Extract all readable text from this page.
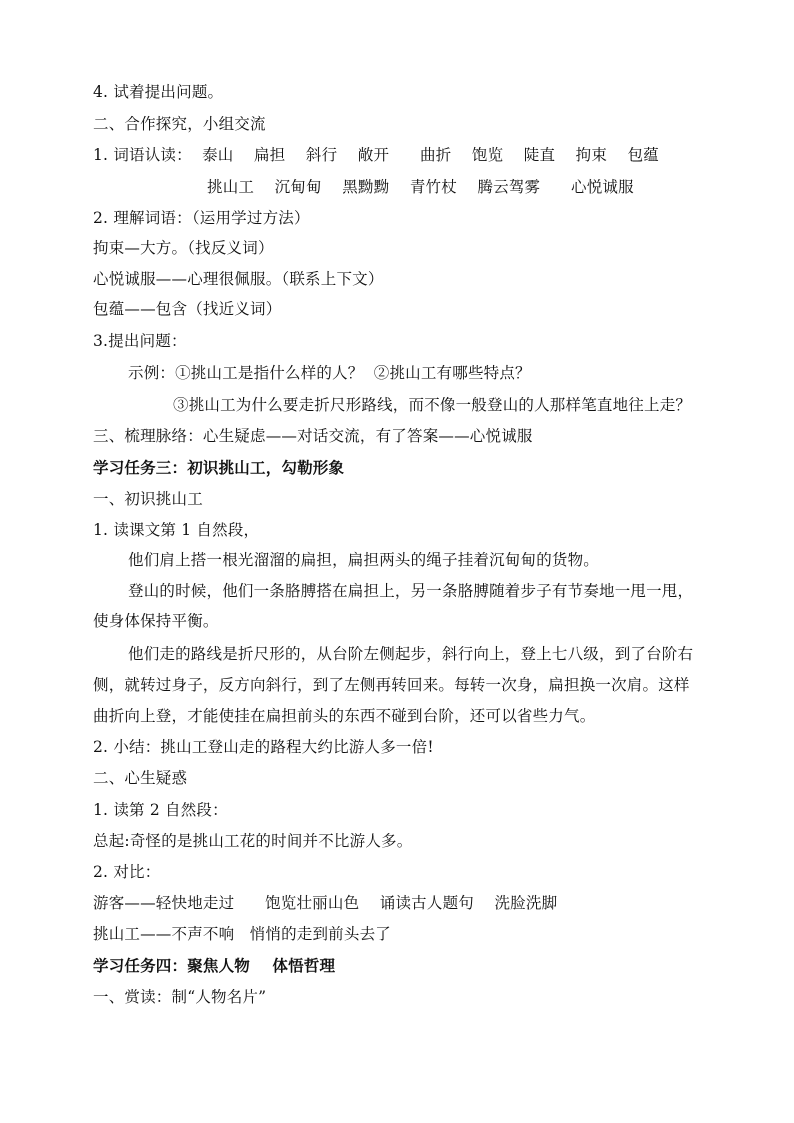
4. 试着提出问题。
二、合作探究，小组交流
1. 词语认读：  泰山    扁担    斜行    敞开      曲折    饱览    陡直    拘束    包蕴
挑山工    沉甸甸    黑黝黝    青竹杖    腾云驾雾      心悦诚服
2. 理解词语：（运用学过方法）
拘束—大方。（找反义词）
心悦诚服——心理很佩服。（联系上下文）
包蕴——包含（找近义词）
3.提出问题：
示例：①挑山工是指什么样的人？  ②挑山工有哪些特点？
③挑山工为什么要走折尺形路线，而不像一般登山的人那样笔直地往上走？
三、梳理脉络：心生疑虑——对话交流，有了答案——心悦诚服
学习任务三：初识挑山工，勾勒形象
一、初识挑山工
1. 读课文第 1 自然段，
他们肩上搭一根光溜溜的扁担，扁担两头的绳子挂着沉甸甸的货物。
登山的时候，他们一条胳膊搭在扁担上，另一条胳膊随着步子有节奏地一甩一甩，
使身体保持平衡。
他们走的路线是折尺形的，从台阶左侧起步，斜行向上，登上七八级，到了台阶右
侧，就转过身子，反方向斜行，到了左侧再转回来。每转一次身，扁担换一次肩。这样
曲折向上登，才能使挂在扁担前头的东西不碰到台阶，还可以省些力气。
2. 小结：挑山工登山走的路程大约比游人多一倍!
二、心生疑惑
1. 读第 2 自然段：
总起:奇怪的是挑山工花的时间并不比游人多。
2. 对比：
游客——轻快地走过      饱览壮丽山色    诵读古人题句    洗脸洗脚
挑山工——不声不响   悄悄的走到前头去了
学习任务四：聚焦人物    体悟哲理
一、赏读：制“人物名片”
